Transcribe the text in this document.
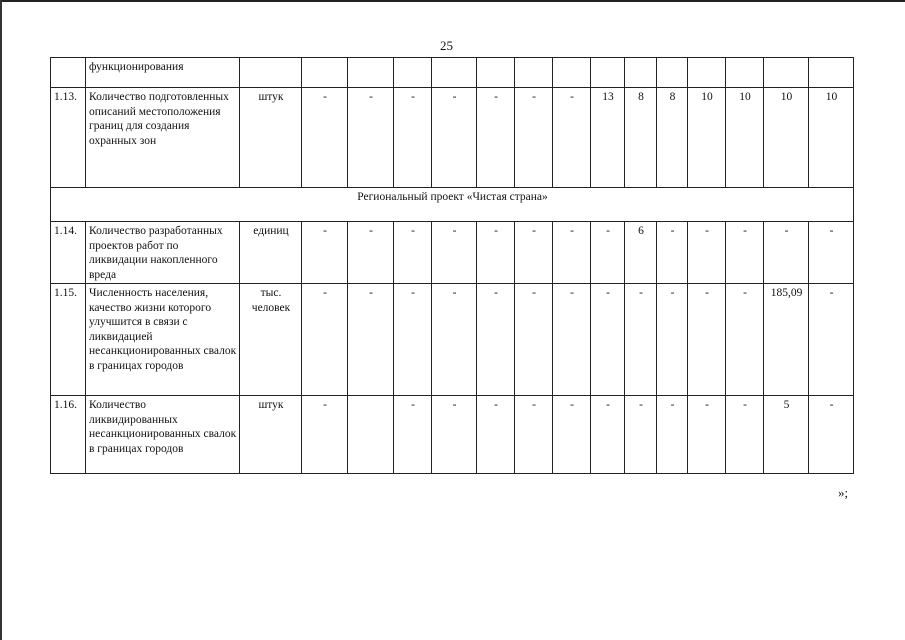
25
	функционирования															
1.13.	Количество подготовленных описаний местоположения границ для создания охранных зон	штук	-	-	-	-	-	-	-	13	8	8	10	10	10	10
Региональный проект «Чистая страна»																
1.14.	Количество разработанных проектов работ по ликвидации накопленного вреда	единиц	-	-	-	-	-	-	-	-	6	-	-	-	-	-
1.15.	Численность населения, качество жизни которого улучшится в связи с ликвидацией несанкционированных свалок в границах городов	тыс. человек	-	-	-	-	-	-	-	-	-	-	-	-	185,09	-
1.16.	Количество ликвидированных несанкционированных свалок в границах городов	штук	-		-	-	-	-	-	-	-	-	-	-	5	-
»;
